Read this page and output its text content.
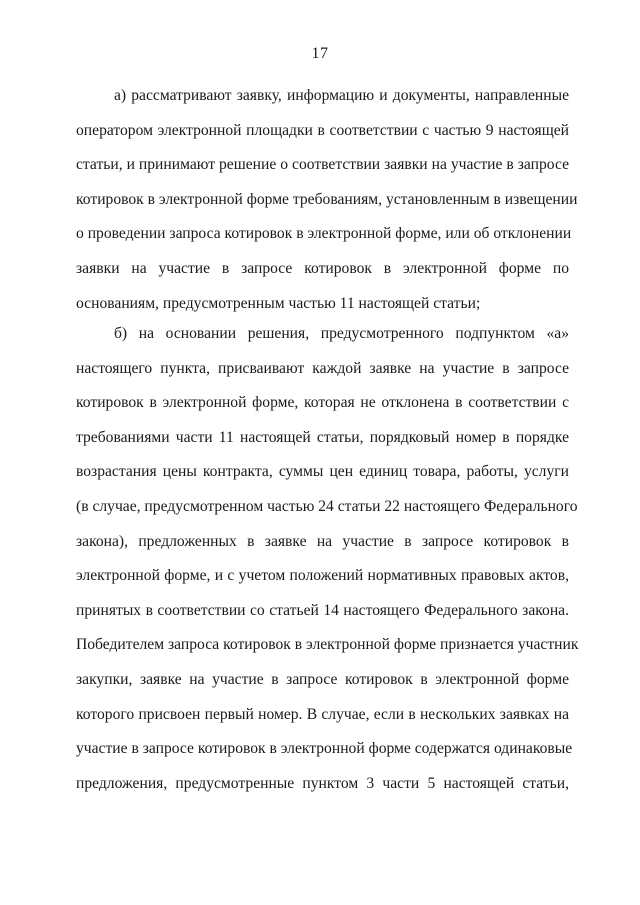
17
а) рассматривают заявку, информацию и документы, направленные
оператором электронной площадки в соответствии с частью 9 настоящей
статьи, и принимают решение о соответствии заявки на участие в запросе
котировок в электронной форме требованиям, установленным в извещении
о проведении запроса котировок в электронной форме, или об отклонении
заявки на участие в запросе котировок в электронной форме по
основаниям, предусмотренным частью 11 настоящей статьи;
б) на основании решения, предусмотренного подпунктом «а»
настоящего пункта, присваивают каждой заявке на участие в запросе
котировок в электронной форме, которая не отклонена в соответствии с
требованиями части 11 настоящей статьи, порядковый номер в порядке
возрастания цены контракта, суммы цен единиц товара, работы, услуги
(в случае, предусмотренном частью 24 статьи 22 настоящего Федерального
закона), предложенных в заявке на участие в запросе котировок в
электронной форме, и с учетом положений нормативных правовых актов,
принятых в соответствии со статьей 14 настоящего Федерального закона.
Победителем запроса котировок в электронной форме признается участник
закупки, заявке на участие в запросе котировок в электронной форме
которого присвоен первый номер. В случае, если в нескольких заявках на
участие в запросе котировок в электронной форме содержатся одинаковые
предложения, предусмотренные пунктом 3 части 5 настоящей статьи,
